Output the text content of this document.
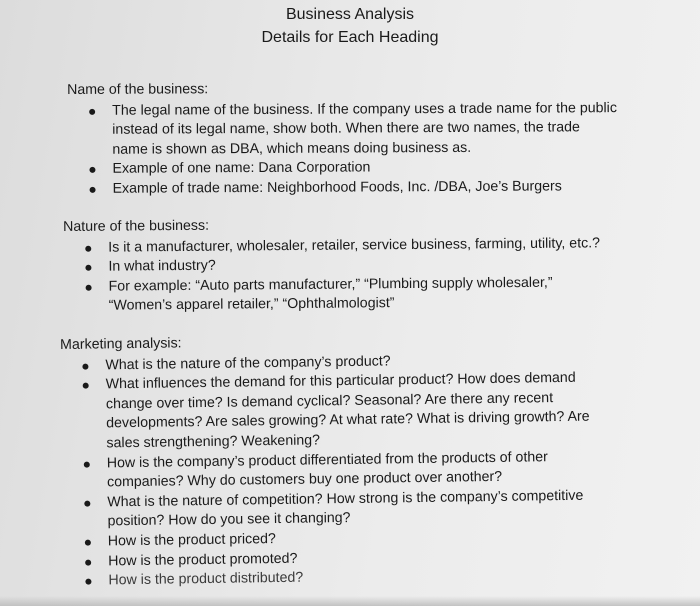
Business Analysis
Details for Each Heading

Name of the business:

The legal name of the business. If the company uses a trade name for the public
instead of its legal name, show both. When there are two names, the trade
name is shown as DBA, which means doing business as.
Example of one name: Dana Corporation
Example of trade name: Neighborhood Foods, Inc. /DBA, Joe’s Burgers

Nature of the business:

Is it a manufacturer, wholesaler, retailer, service business, farming, utility, etc.?
In what industry?
For example: “Auto parts manufacturer,” “Plumbing supply wholesaler,”
“Women’s apparel retailer,” “Ophthalmologist”

Marketing analysis:

What is the nature of the company’s product?
What influences the demand for this particular product? How does demand
change over time? Is demand cyclical? Seasonal? Are there any recent
developments? Are sales growing? At what rate? What is driving growth? Are
sales strengthening? Weakening?
How is the company’s product differentiated from the products of other
companies? Why do customers buy one product over another?
What is the nature of competition? How strong is the company’s competitive
position? How do you see it changing?
How is the product priced?
How is the product promoted?
How is the product distributed?
